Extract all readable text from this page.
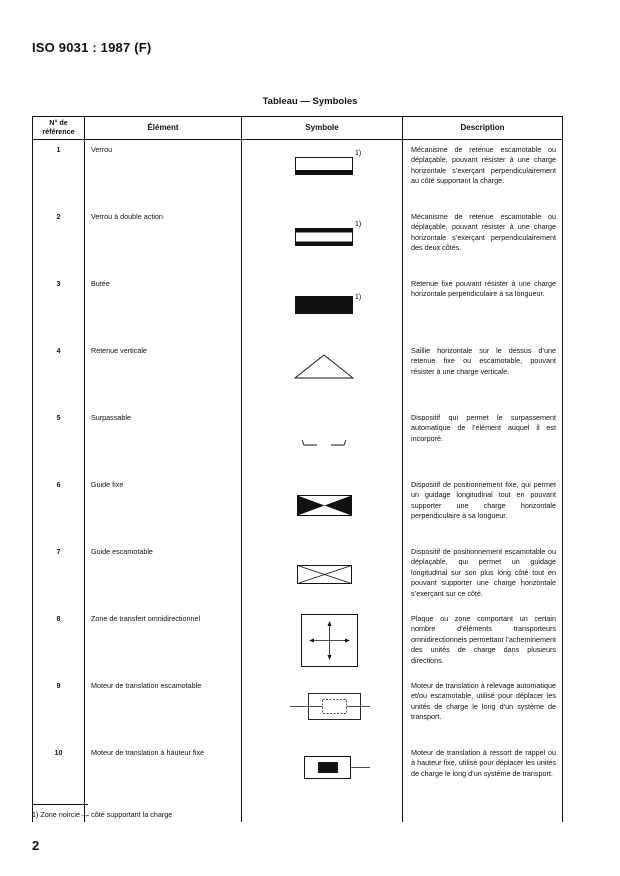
ISO 9031 : 1987 (F)
Tableau — Symboles
N° de référence	Élément	Symbole	Description
1	Verrou	1)	Mécanisme de retenue escamotable ou déplaçable, pouvant résister à une charge horizontale s’exerçant perpendiculairement au côté supportant la charge.
2	Verrou à double action	1)	Mécanisme de retenue escamotable ou déplaçable, pouvant résister à une charge horizontale s’exerçant perpendiculairement des deux côtés.
3	Butée	1)	Retenue fixe pouvant résister à une charge horizontale perpendiculaire à sa longueur.
4	Retenue verticale		Saillie horizontale sur le dessus d’une retenue fixe ou escamotable, pouvant résister à une charge verticale.
5	Surpassable		Dispositif qui permet le surpassement automatique de l’élément auquel il est incorporé.
6	Guide fixe		Dispositif de positionnement fixe, qui permet un guidage longitudinal tout en pouvant supporter une charge horizontale perpendiculaire à sa longueur.
7	Guide escamotable		Dispositif de positionnement escamotable ou déplaçable, qui permet un guidage longitudinal sur son plus long côté tout en pouvant supporter une charge horizontale s’exerçant sur ce côté.
8	Zone de transfert omnidirectionnel		Plaque ou zone comportant un certain nombre d’éléments transporteurs omnidirectionnels permettant l’acheminement des unités de charge dans plusieurs directions.
9	Moteur de translation escamotable		Moteur de translation à relevage automatique et/ou escamotable, utilisé pour déplacer les unités de charge le long d’un système de transport.
10	Moteur de translation à hauteur fixe		Moteur de translation à ressort de rappel ou à hauteur fixe, utilisé pour déplacer les unités de charge le long d’un système de transport.

1) Zone noircie — côté supportant la charge
2
